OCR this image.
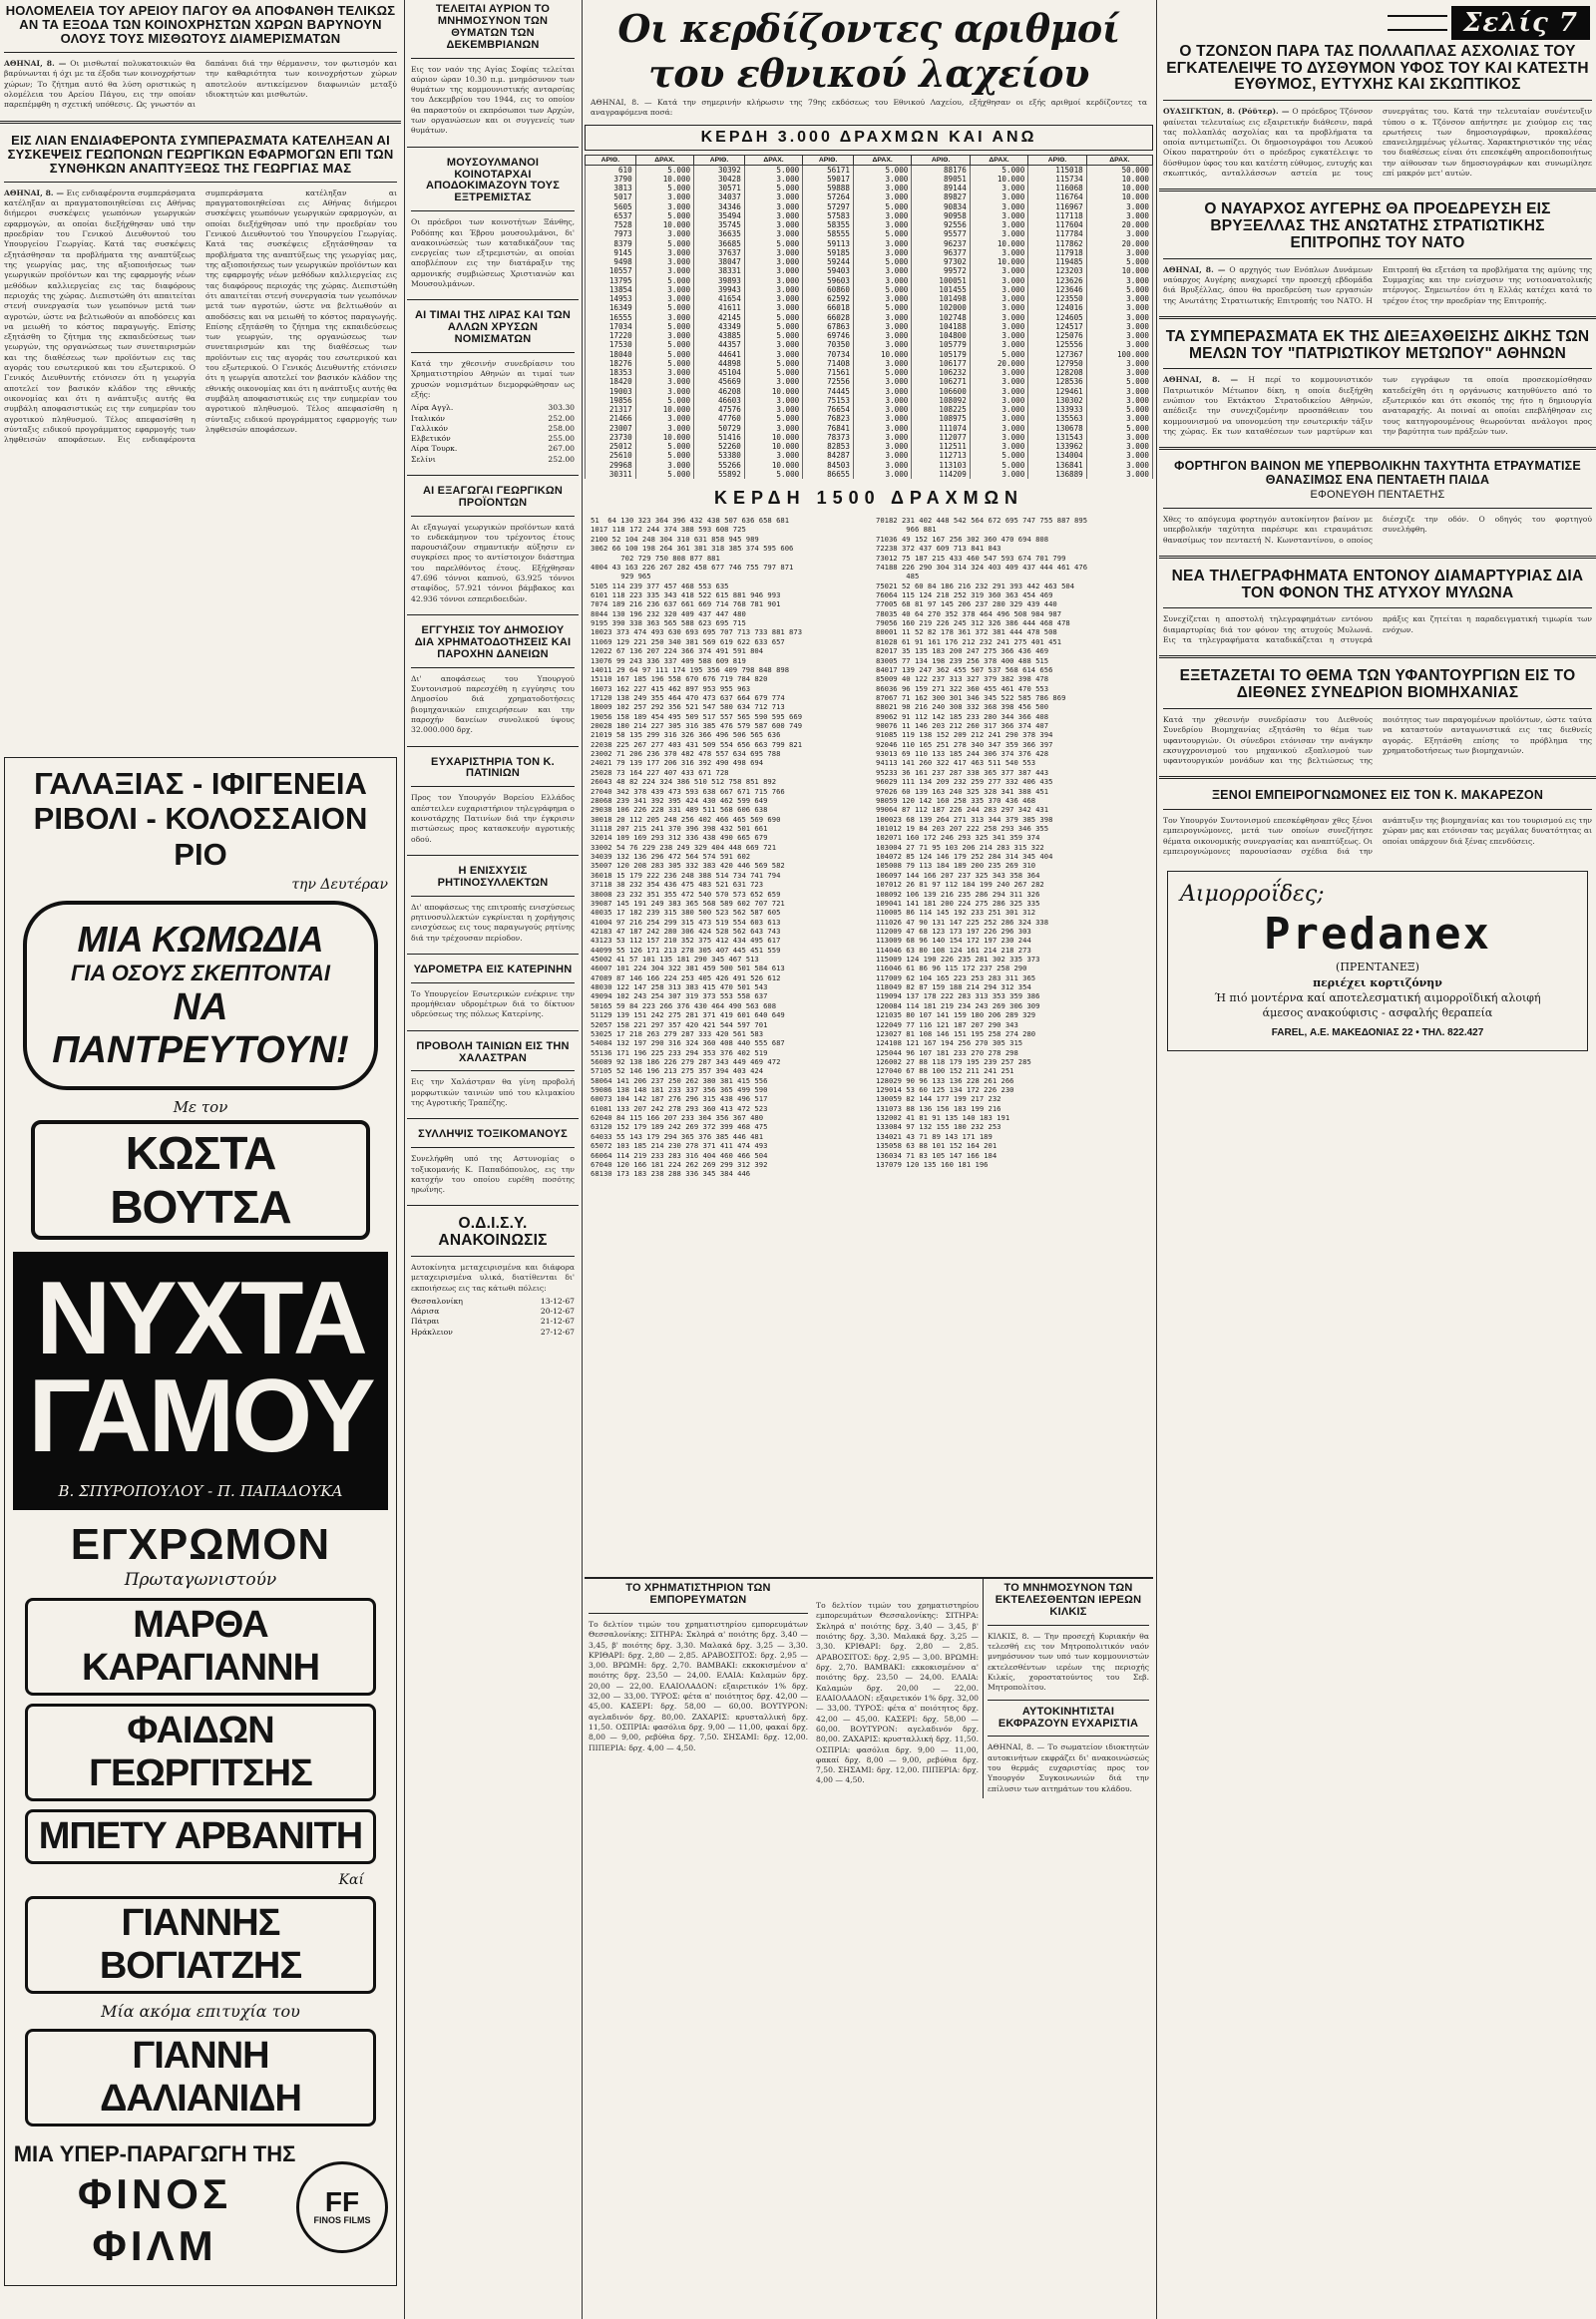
ΗΟΛΟΜΕΛΕΙΑ ΤΟΥ ΑΡΕΙΟΥ ΠΑΓΟΥ ΘΑ ΑΠΟΦΑΝΘΗ ΤΕΛΙΚΩΣ ΑΝ ΤΑ ΕΞΟΔΑ ΤΩΝ ΚΟΙΝΟΧΡΗΣΤΩΝ ΧΩΡΩΝ ΒΑΡΥΝΟΥΝ ΟΛΟΥΣ ΤΟΥΣ ΜΙΣΘΩΤΟΥΣ ΔΙΑΜΕΡΙΣΜΑΤΩΝ
ΑΘΗΝΑΙ, 8. — Οι μισθωταί πολυκατοικιών θα βαρύνωνται ή όχι με τα έξοδα των κοινοχρήστων χώρων; Το ζήτημα αυτό θα λύση οριστικώς η ολομέλεια του Αρείου Πάγου, εις την οποίαν παρεπέμφθη η σχετική υπόθεσις. Ως γνωστόν αι δαπάναι διά την θέρμανσιν, τον φωτισμόν και την καθαριότητα των κοινοχρήστων χώρων αποτελούν αντικείμενον διαφωνιών μεταξύ ιδιοκτητών και μισθωτών.
ΕΙΣ ΛΙΑΝ ΕΝΔΙΑΦΕΡΟΝΤΑ ΣΥΜΠΕΡΑΣΜΑΤΑ ΚΑΤΕΛΗΞΑΝ ΑΙ ΣΥΣΚΕΨΕΙΣ ΓΕΩΠΟΝΩΝ ΓΕΩΡΓΙΚΩΝ ΕΦΑΡΜΟΓΩΝ ΕΠΙ ΤΩΝ ΣΥΝΘΗΚΩΝ ΑΝΑΠΤΥΞΕΩΣ ΤΗΣ ΓΕΩΡΓΙΑΣ ΜΑΣ
ΑΘΗΝΑΙ, 8. — Εις ενδιαφέροντα συμπεράσματα κατέληξαν αι πραγματοποιηθείσαι εις Αθήνας διήμεροι συσκέψεις γεωπόνων γεωργικών εφαρμογών, αι οποίαι διεξήχθησαν υπό την προεδρίαν του Γενικού Διευθυντού του Υπουργείου Γεωργίας. Κατά τας συσκέψεις εξητάσθησαν τα προβλήματα της αναπτύξεως της γεωργίας μας, της αξιοποιήσεως των γεωργικών προϊόντων και της εφαρμογής νέων μεθόδων καλλιεργείας εις τας διαφόρους περιοχάς της χώρας. Διεπιστώθη ότι απαιτείται στενή συνεργασία των γεωπόνων μετά των αγροτών, ώστε να βελτιωθούν αι αποδόσεις και να μειωθή το κόστος παραγωγής. Επίσης εξητάσθη το ζήτημα της εκπαιδεύσεως των γεωργών, της οργανώσεως των συνεταιρισμών και της διαθέσεως των προϊόντων εις τας αγοράς του εσωτερικού και του εξωτερικού. Ο Γενικός Διευθυντής ετόνισεν ότι η γεωργία αποτελεί τον βασικόν κλάδον της εθνικής οικονομίας και ότι η ανάπτυξις αυτής θα συμβάλη αποφασιστικώς εις την ευημερίαν του αγροτικού πληθυσμού. Τέλος απεφασίσθη η σύνταξις ειδικού προγράμματος εφαρμογής των ληφθεισών αποφάσεων. Εις ενδιαφέροντα συμπεράσματα κατέληξαν αι πραγματοποιηθείσαι εις Αθήνας διήμεροι συσκέψεις γεωπόνων γεωργικών εφαρμογών, αι οποίαι διεξήχθησαν υπό την προεδρίαν του Γενικού Διευθυντού του Υπουργείου Γεωργίας. Κατά τας συσκέψεις εξητάσθησαν τα προβλήματα της αναπτύξεως της γεωργίας μας, της αξιοποιήσεως των γεωργικών προϊόντων και της εφαρμογής νέων μεθόδων καλλιεργείας εις τας διαφόρους περιοχάς της χώρας. Διεπιστώθη ότι απαιτείται στενή συνεργασία των γεωπόνων μετά των αγροτών, ώστε να βελτιωθούν αι αποδόσεις και να μειωθή το κόστος παραγωγής. Επίσης εξητάσθη το ζήτημα της εκπαιδεύσεως των γεωργών, της οργανώσεως των συνεταιρισμών και της διαθέσεως των προϊόντων εις τας αγοράς του εσωτερικού και του εξωτερικού. Ο Γενικός Διευθυντής ετόνισεν ότι η γεωργία αποτελεί τον βασικόν κλάδον της εθνικής οικονομίας και ότι η ανάπτυξις αυτής θα συμβάλη αποφασιστικώς εις την ευημερίαν του αγροτικού πληθυσμού. Τέλος απεφασίσθη η σύνταξις ειδικού προγράμματος εφαρμογής των ληφθεισών αποφάσεων.
ΓΑΛΑΞΙΑΣ - ΙΦΙΓΕΝΕΙΑ ΡΙΒΟΛΙ - ΚΟΛΟΣΣΑΙΟΝ ΡΙΟ
την Δευτέραν
ΜΙΑ ΚΩΜΩΔΙΑ
ΓΙΑ ΟΣΟΥΣ ΣΚΕΠΤΟΝΤΑΙ
ΝΑ ΠΑΝΤΡΕΥΤΟΥΝ!
Με τον
ΚΩΣΤΑ ΒΟΥΤΣΑ
ΝΥΧΤΑ ΓΑΜΟΥ
Β. ΣΠΥΡΟΠΟΥΛΟΥ - Π. ΠΑΠΑΔΟΥΚΑ
ΕΓΧΡΩΜΟΝ
Πρωταγωνιστούν
ΜΑΡΘΑ ΚΑΡΑΓΙΑΝΝΗ
ΦΑΙΔΩΝ ΓΕΩΡΓΙΤΣΗΣ
ΜΠΕΤΥ ΑΡΒΑΝΙΤΗ
Καί
ΓΙΑΝΝΗΣ ΒΟΓΙΑΤΖΗΣ
Μία ακόμα επιτυχία του
ΓΙΑΝΝΗ ΔΑΛΙΑΝΙΔΗ
ΜΙΑ ΥΠΕΡ-ΠΑΡΑΓΩΓΗ ΤΗΣ
ΦΙΝΟΣ ΦΙΛΜ
FF
FINOS FILMS
ΤΕΛΕΙΤΑΙ ΑΥΡΙΟΝ ΤΟ ΜΝΗΜΟΣΥΝΟΝ ΤΩΝ ΘΥΜΑΤΩΝ ΤΩΝ ΔΕΚΕΜΒΡΙΑΝΩΝ
Εις τον ναόν της Αγίας Σοφίας τελείται αύριον ώραν 10.30 π.μ. μνημόσυνον των θυμάτων της κομμουνιστικής ανταρσίας του Δεκεμβρίου του 1944, εις το οποίον θα παραστούν οι εκπρόσωποι των Αρχών, των οργανώσεων και οι συγγενείς των θυμάτων.
ΜΟΥΣΟΥΛΜΑΝΟΙ ΚΟΙΝΟΤΑΡΧΑΙ ΑΠΟΔΟΚΙΜΑΖΟΥΝ ΤΟΥΣ ΕΞΤΡΕΜΙΣΤΑΣ
Οι πρόεδροι των κοινοτήτων Ξάνθης, Ροδόπης και Έβρου μουσουλμάνοι, δι' ανακοινώσεώς των καταδικάζουν τας ενεργείας των εξτρεμιστών, αι οποίαι αποβλέπουν εις την διατάραξιν της αρμονικής συμβιώσεως Χριστιανών και Μουσουλμάνων.
ΑΙ ΤΙΜΑΙ ΤΗΣ ΛΙΡΑΣ ΚΑΙ ΤΩΝ ΑΛΛΩΝ ΧΡΥΣΩΝ ΝΟΜΙΣΜΑΤΩΝ
Κατά την χθεσινήν συνεδρίασιν του Χρηματιστηρίου Αθηνών αι τιμαί των χρυσών νομισμάτων διεμορφώθησαν ως εξής:
Λίρα Αγγλ.	303.30
Ιταλικόν	252.00
Γαλλικόν	258.00
Ελβετικόν	255.00
Λίρα Τουρκ.	267.00
Σελίνι	252.00
ΑΙ ΕΞΑΓΩΓΑΙ ΓΕΩΡΓΙΚΩΝ ΠΡΟΪΟΝΤΩΝ
Αι εξαγωγαί γεωργικών προϊόντων κατά το ενδεκάμηνον του τρέχοντος έτους παρουσιάζουν σημαντικήν αύξησιν εν συγκρίσει προς το αντίστοιχον διάστημα του παρελθόντος έτους. Εξήχθησαν 47.696 τόννοι καπνού, 63.925 τόννοι σταφίδος, 57.921 τόννοι βάμβακος και 42.936 τόννοι εσπεριδοειδών.
ΕΓΓΥΗΣΙΣ ΤΟΥ ΔΗΜΟΣΙΟΥ ΔΙΑ ΧΡΗΜΑΤΟΔΟΤΗΣΕΙΣ ΚΑΙ ΠΑΡΟΧΗΝ ΔΑΝΕΙΩΝ
Δι' αποφάσεως του Υπουργού Συντονισμού παρεσχέθη η εγγύησις του Δημοσίου διά χρηματοδοτήσεις βιομηχανικών επιχειρήσεων και την παροχήν δανείων συνολικού ύψους 32.000.000 δρχ.
ΕΥΧΑΡΙΣΤΗΡΙΑ ΤΟΝ Κ. ΠΑΤΙΝΙΩΝ
Προς τον Υπουργόν Βορείου Ελλάδος απέστειλεν ευχαριστήριον τηλεγράφημα ο κοινοτάρχης Πατινίων διά την έγκρισιν πιστώσεως προς κατασκευήν αγροτικής οδού.
Η ΕΝΙΣΧΥΣΙΣ ΡΗΤΙΝΟΣΥΛΛΕΚΤΩΝ
Δι' αποφάσεως της επιτροπής ενισχύσεως ρητινοσυλλεκτών εγκρίνεται η χορήγησις ενισχύσεως εις τους παραγωγούς ρητίνης διά την τρέχουσαν περίοδον.
ΥΔΡΟΜΕΤΡΑ ΕΙΣ ΚΑΤΕΡΙΝΗΝ
Το Υπουργείον Εσωτερικών ενέκρινε την προμήθειαν υδρομέτρων διά το δίκτυον υδρεύσεως της πόλεως Κατερίνης.
ΠΡΟΒΟΛΗ ΤΑΙΝΙΩΝ ΕΙΣ ΤΗΝ ΧΑΛΑΣΤΡΑΝ
Εις την Χαλάστραν θα γίνη προβολή μορφωτικών ταινιών υπό του κλιμακίου της Αγροτικής Τραπέζης.
ΣΥΛΛΗΨΙΣ ΤΟΞΙΚΟΜΑΝΟΥΣ
Συνελήφθη υπό της Αστυνομίας ο τοξικομανής Κ. Παπαδόπουλος, εις την κατοχήν του οποίου ευρέθη ποσότης ηρωΐνης.
Ο.Δ.Ι.Σ.Υ. ΑΝΑΚΟΙΝΩΣΙΣ
Αυτοκίνητα μεταχειρισμένα και διάφορα μεταχειρισμένα υλικά, διατίθενται δι' εκποιήσεως εις τας κάτωθι πόλεις:
Θεσσαλονίκη	13-12-67
Λάρισα	20-12-67
Πάτραι	21-12-67
Ηράκλειον	27-12-67
Οι κερδίζοντες αριθμοί του εθνικού λαχείου
ΑΘΗΝΑΙ, 8. — Κατά την σημερινήν κλήρωσιν της 79ης εκδόσεως του Εθνικού Λαχείου, εξήχθησαν οι εξής αριθμοί κερδίζοντες τα αναγραφόμενα ποσά:
ΚΕΡΔΗ 3.000 ΔΡΑΧΜΩΝ ΚΑΙ ΑΝΩ
ΑΡΙΘ.	ΔΡΑΧ.	ΑΡΙΘ.	ΔΡΑΧ.	ΑΡΙΘ.	ΔΡΑΧ.	ΑΡΙΘ.	ΔΡΑΧ.	ΑΡΙΘ.	ΔΡΑΧ.
610	5.000	30392	5.000	56171	5.000	88176	5.000	115018	50.000
3790	10.000	30428	3.000	59017	3.000	89051	10.000	115734	10.000
3813	5.000	30571	5.000	59888	3.000	89144	3.000	116068	10.000
5017	3.000	34037	3.000	57264	3.000	89827	3.000	116764	10.000
5605	3.000	34346	3.000	57297	5.000	90834	3.000	116967	3.000
6537	5.000	35494	3.000	57583	3.000	90958	3.000	117118	3.000
7528	10.000	35745	3.000	58355	3.000	92556	3.000	117604	20.000
7973	3.000	36635	3.000	58555	5.000	95577	3.000	117784	3.000
8379	5.000	36685	5.000	59113	3.000	96237	10.000	117862	20.000
9145	3.000	37637	3.000	59185	3.000	96377	3.000	117918	3.000
9498	3.000	38047	3.000	59244	5.000	97302	10.000	119485	5.000
10557	3.000	38331	3.000	59403	3.000	99572	3.000	123203	10.000
13795	5.000	39893	3.000	59603	3.000	100051	3.000	123626	3.000
13854	3.000	39943	3.000	60860	5.000	101455	3.000	123646	5.000
14953	3.000	41654	3.000	62592	3.000	101498	3.000	123550	3.000
16349	5.000	41611	3.000	66018	5.000	102000	3.000	124016	3.000
16555	3.000	42145	5.000	66028	3.000	102748	3.000	124605	3.000
17034	5.000	43349	5.000	67863	3.000	104188	3.000	124517	3.000
17220	3.000	43885	5.000	69746	3.000	104800	3.000	125076	3.000
17530	5.000	44357	3.000	70350	3.000	105779	3.000	125556	3.000
18040	5.000	44641	3.000	70734	10.000	105179	5.000	127367	100.000
18276	5.000	44898	5.000	71408	3.000	106177	20.000	127950	3.000
18353	3.000	45104	5.000	71561	5.000	106232	3.000	128208	3.000
18420	3.000	45669	3.000	72556	3.000	106271	3.000	128536	5.000
19003	3.000	46208	10.000	74445	3.000	106600	3.000	129461	3.000
19856	5.000	46603	3.000	75153	3.000	108092	3.000	130302	3.000
21317	10.000	47576	3.000	76654	3.000	108225	3.000	133933	5.000
21466	3.000	47760	5.000	76823	3.000	108975	3.000	135563	3.000
23007	3.000	50729	3.000	76841	3.000	111074	3.000	130678	5.000
23730	10.000	51416	10.000	78373	3.000	112077	3.000	131543	3.000
25012	5.000	52260	10.000	82853	3.000	112511	3.000	133962	3.000
25610	5.000	53380	3.000	84287	3.000	112713	5.000	134004	3.000
29968	3.000	55266	10.000	84503	3.000	113103	5.000	136841	3.000
30311	5.000	55892	5.000	86655	3.000	114209	3.000	136889	3.000
ΚΕΡΔΗ 1500 ΔΡΑΧΜΩΝ
51  64 130 323 364 396 432 438 507 636 658 681
1017 118 172 244 374 388 593 608 725
2100 52 104 248 304 310 631 858 945 989
3062 66 100 198 264 361 381 318 385 374 595 606
702 729 750 808 877 881
4004 43 163 226 267 282 458 677 746 755 797 871
929 965
5105 114 239 377 457 468 553 635
6101 118 223 335 343 418 522 615 881 946 993
7074 189 216 236 637 661 669 714 768 781 901
8044 130 196 232 320 409 437 447 480
9195 390 338 363 565 588 623 695 715
10023 373 474 493 630 693 695 707 713 733 881 873
11069 129 221 250 340 381 569 619 622 633 657
12022 67 136 207 224 366 374 491 591 804
13076 99 243 336 337 409 588 609 819
14011 29 64 97 111 174 195 356 409 798 848 898
15110 167 185 196 558 670 676 719 784 820
16073 162 227 415 462 897 953 955 963
17120 138 249 355 464 470 473 637 664 679 774
18009 102 257 292 356 521 547 580 634 712 713
19056 158 189 454 495 509 517 557 565 590 595 669
20028 180 214 227 305 316 385 476 579 587 600 749
21019 58 135 299 316 326 366 496 506 565 636
22038 225 267 277 403 431 509 554 656 663 799 821
23002 71 206 236 370 482 478 557 634 695 788
24021 79 139 177 206 316 392 490 498 694
25028 73 164 227 407 433 671 728
26043 48 82 224 324 386 510 512 758 851 892
27040 342 378 439 473 593 638 667 671 715 766
28068 239 341 392 395 424 430 462 599 649
29038 106 226 228 331 489 511 568 606 638
30018 20 112 205 248 256 402 466 465 569 690
31118 207 215 241 370 396 398 432 501 661
32014 109 169 293 312 336 438 490 665 679
33002 54 76 229 238 249 329 404 448 669 721
34039 132 136 296 472 564 574 591 602
35007 120 208 283 305 332 383 420 446 569 582
36018 15 179 222 236 248 388 514 734 741 794
37118 38 232 354 436 475 483 521 631 723
38008 23 232 351 355 472 540 570 573 652 659
39087 145 191 249 383 365 568 589 602 707 721
40035 17 182 239 315 380 500 523 562 587 605
41004 97 216 254 299 315 473 519 554 603 613
42183 47 187 242 280 306 424 528 562 643 743
43123 53 112 157 210 352 375 412 434 495 617
44099 55 126 171 213 278 305 407 445 451 559
45002 41 57 101 135 181 290 345 467 513
46007 101 224 304 322 381 459 500 501 584 613
47089 87 146 166 224 253 405 426 491 526 612
48030 122 147 258 313 383 415 470 501 543
49094 102 243 254 307 319 373 553 558 637
50165 59 84 223 266 376 430 464 490 563 608
51129 139 151 242 275 281 371 419 601 640 649
52057 158 221 297 357 420 421 544 597 701
53025 17 218 263 279 287 333 420 561 583
54084 132 197 290 316 324 360 408 440 555 687
55136 171 196 225 233 294 353 376 402 519
56089 92 138 186 226 279 287 343 449 469 472
57105 52 146 196 213 275 357 394 403 424
58064 141 206 237 250 262 380 381 415 556
59086 138 148 181 233 337 356 365 499 590
60073 104 142 187 276 296 315 438 496 517
61081 133 207 242 278 293 360 413 472 523
62040 84 115 166 207 233 304 356 367 480
63120 152 179 189 242 269 372 399 468 475
64033 55 143 179 294 365 376 385 446 481
65072 103 185 214 230 278 371 411 474 493
66064 114 219 233 283 316 404 460 466 504
67040 120 166 181 224 262 269 299 312 392
68130 173 183 238 288 336 345 384 446
70182 231 402 448 542 564 672 695 747 755 887 895
966 881
71036 49 152 167 256 302 360 470 694 808
72238 372 437 609 713 841 843
73012 75 187 215 433 460 547 593 674 701 799
74188 226 290 304 314 324 403 409 437 444 461 476
485
75021 52 60 84 186 216 232 291 393 442 463 504
76064 115 124 218 252 319 360 363 454 469
77005 68 81 97 145 206 237 280 329 439 440
78035 40 64 270 352 378 464 496 508 984 987
79056 160 219 226 245 312 326 386 444 468 478
80001 11 52 82 178 361 372 381 444 478 508
81028 61 91 161 176 212 232 241 275 401 451
82017 35 135 183 200 247 275 366 436 469
83005 77 134 198 239 256 378 400 488 515
84017 139 247 362 455 507 537 568 614 656
85009 40 122 237 313 327 379 382 398 478
86036 96 159 271 322 360 455 461 470 553
87067 71 162 300 301 346 345 522 585 786 869
88021 98 216 240 308 332 368 398 456 500
89062 91 112 142 185 233 280 344 366 408
90076 11 146 203 212 260 317 366 374 407
91085 119 138 152 209 212 241 290 378 394
92046 110 165 251 278 340 347 359 366 397
93013 69 110 133 185 244 306 374 376 428
94113 141 260 322 417 463 511 540 553
95233 36 161 237 287 338 365 377 387 443
96029 111 134 209 232 259 277 332 406 435
97026 60 139 163 240 325 328 341 388 451
98059 120 142 160 258 335 370 436 468
99064 87 112 187 226 244 283 297 342 431
100023 68 139 264 271 313 344 379 385 398
101012 19 84 203 207 222 258 293 346 355
102071 160 172 246 293 325 341 359 374
103004 27 71 95 103 206 214 283 315 322
104072 85 124 146 179 252 284 314 345 404
105008 79 113 184 189 200 235 269 310
106097 144 166 207 237 325 343 358 364
107012 26 81 97 112 184 199 240 267 282
108092 106 139 216 235 286 294 311 326
109041 141 181 200 224 275 286 325 335
110005 86 114 145 192 233 251 301 312
111026 47 90 131 147 225 252 286 324 338
112009 47 68 123 173 197 226 296 303
113009 68 96 140 154 172 197 230 244
114046 63 80 108 124 161 214 218 273
115009 124 190 226 235 281 302 335 373
116046 61 86 96 115 172 237 258 290
117009 62 104 165 223 253 283 311 365
118049 82 87 159 188 214 294 312 354
119094 137 178 222 283 313 353 359 386
120084 114 181 219 234 243 269 306 309
121035 80 107 141 159 180 206 289 329
122049 77 116 121 187 207 290 343
123027 81 108 146 151 195 258 274 280
124108 121 167 194 256 270 305 315
125044 96 107 181 233 270 278 298
126002 27 88 118 179 195 239 257 285
127040 67 88 100 152 211 241 251
128029 90 96 133 136 228 261 266
129014 53 60 125 134 172 226 230
130059 82 144 177 199 217 232
131073 88 136 156 183 199 216
132002 41 81 91 135 140 183 191
133084 97 132 155 180 232 253
134021 43 71 89 143 171 189
135058 63 88 101 152 164 201
136034 71 83 105 147 166 184
137079 120 135 160 181 196
ΤΟ ΧΡΗΜΑΤΙΣΤΗΡΙΟΝ ΤΩΝ ΕΜΠΟΡΕΥΜΑΤΩΝ
Το δελτίον τιμών του χρηματιστηρίου εμπορευμάτων Θεσσαλονίκης: ΣΙΤΗΡΑ: Σκληρά α' ποιότης δρχ. 3,40 — 3,45, β' ποιότης δρχ. 3,30. Μαλακά δρχ. 3,25 — 3,30. ΚΡΙΘΑΡΙ: δρχ. 2,80 — 2,85. ΑΡΑΒΟΣΙΤΟΣ: δρχ. 2,95 — 3,00. ΒΡΩΜΗ: δρχ. 2,70. ΒΑΜΒΑΚΙ: εκκοκισμένον α' ποιότης δρχ. 23,50 — 24,00. ΕΛΑΙΑ: Καλαμών δρχ. 20,00 — 22,00. ΕΛΑΙΟΛΑΔΟΝ: εξαιρετικόν 1% δρχ. 32,00 — 33,00. ΤΥΡΟΣ: φέτα α' ποιότητος δρχ. 42,00 — 45,00. ΚΑΣΕΡΙ: δρχ. 58,00 — 60,00. ΒΟΥΤΥΡΟΝ: αγελαδινόν δρχ. 80,00. ΖΑΧΑΡΙΣ: κρυσταλλική δρχ. 11,50. ΟΣΠΡΙΑ: φασόλια δρχ. 9,00 — 11,00, φακαί δρχ. 8,00 — 9,00, ρεβύθια δρχ. 7,50. ΣΗΣΑΜΙ: δρχ. 12,00. ΠΙΠΕΡΙΑ: δρχ. 4,00 — 4,50.
Το δελτίον τιμών του χρηματιστηρίου εμπορευμάτων Θεσσαλονίκης: ΣΙΤΗΡΑ: Σκληρά α' ποιότης δρχ. 3,40 — 3,45, β' ποιότης δρχ. 3,30. Μαλακά δρχ. 3,25 — 3,30. ΚΡΙΘΑΡΙ: δρχ. 2,80 — 2,85. ΑΡΑΒΟΣΙΤΟΣ: δρχ. 2,95 — 3,00. ΒΡΩΜΗ: δρχ. 2,70. ΒΑΜΒΑΚΙ: εκκοκισμένον α' ποιότης δρχ. 23,50 — 24,00. ΕΛΑΙΑ: Καλαμών δρχ. 20,00 — 22,00. ΕΛΑΙΟΛΑΔΟΝ: εξαιρετικόν 1% δρχ. 32,00 — 33,00. ΤΥΡΟΣ: φέτα α' ποιότητος δρχ. 42,00 — 45,00. ΚΑΣΕΡΙ: δρχ. 58,00 — 60,00. ΒΟΥΤΥΡΟΝ: αγελαδινόν δρχ. 80,00. ΖΑΧΑΡΙΣ: κρυσταλλική δρχ. 11,50. ΟΣΠΡΙΑ: φασόλια δρχ. 9,00 — 11,00, φακαί δρχ. 8,00 — 9,00, ρεβύθια δρχ. 7,50. ΣΗΣΑΜΙ: δρχ. 12,00. ΠΙΠΕΡΙΑ: δρχ. 4,00 — 4,50.
ΤΟ ΜΝΗΜΟΣΥΝΟΝ ΤΩΝ ΕΚΤΕΛΕΣΘΕΝΤΩΝ ΙΕΡΕΩΝ ΚΙΛΚΙΣ
ΚΙΛΚΙΣ, 8. — Την προσεχή Κυριακήν θα τελεσθή εις τον Μητροπολιτικόν ναόν μνημόσυνον των υπό των κομμουνιστών εκτελεσθέντων ιερέων της περιοχής Κιλκίς, χοροστατούντος του Σεβ. Μητροπολίτου.
ΑΥΤΟΚΙΝΗΤΙΣΤΑΙ ΕΚΦΡΑΖΟΥΝ ΕΥΧΑΡΙΣΤΙΑ
ΑΘΗΝΑΙ, 8. — Το σωματείον ιδιοκτητών αυτοκινήτων εκφράζει δι' ανακοινώσεώς του θερμάς ευχαριστίας προς τον Υπουργόν Συγκοινωνιών διά την επίλυσιν των αιτημάτων του κλάδου.
Σελίς 7
Ο ΤΖΟΝΣΟΝ ΠΑΡΑ ΤΑΣ ΠΟΛΛΑΠΛΑΣ ΑΣΧΟΛΙΑΣ ΤΟΥ ΕΓΚΑΤΕΛΕΙΨΕ ΤΟ ΔΥΣΘΥΜΟΝ ΥΦΟΣ ΤΟΥ ΚΑΙ ΚΑΤΕΣΤΗ ΕΥΘΥΜΟΣ, ΕΥΤΥΧΗΣ ΚΑΙ ΣΚΩΠΤΙΚΟΣ
ΟΥΑΣΙΓΚΤΩΝ, 8. (Ρόϋτερ). — Ο πρόεδρος Τζόνσον φαίνεται τελευταίως εις εξαιρετικήν διάθεσιν, παρά τας πολλαπλάς ασχολίας και τα προβλήματα τα οποία αντιμετωπίζει. Οι δημοσιογράφοι του Λευκού Οίκου παρατηρούν ότι ο πρόεδρος εγκατέλειψε το δύσθυμον ύφος του και κατέστη εύθυμος, ευτυχής και σκωπτικός, ανταλλάσσων αστεία με τους συνεργάτας του. Κατά την τελευταίαν συνέντευξιν τύπου ο κ. Τζόνσον απήντησε με χιούμορ εις τας ερωτήσεις των δημοσιογράφων, προκαλέσας επανειλημμένως γέλωτας. Χαρακτηριστικόν της νέας του διαθέσεως είναι ότι επεσκέφθη απροειδοποιήτως την αίθουσαν των δημοσιογράφων και συνωμίλησε επί μακρόν μετ' αυτών.
Ο ΝΑΥΑΡΧΟΣ ΑΥΓΕΡΗΣ ΘΑ ΠΡΟΕΔΡΕΥΣΗ ΕΙΣ ΒΡΥΞΕΛΛΑΣ ΤΗΣ ΑΝΩΤΑΤΗΣ ΣΤΡΑΤΙΩΤΙΚΗΣ ΕΠΙΤΡΟΠΗΣ ΤΟΥ ΝΑΤΟ
ΑΘΗΝΑΙ, 8. — Ο αρχηγός των Ενόπλων Δυνάμεων ναύαρχος Αυγέρης αναχωρεί την προσεχή εβδομάδα διά Βρυξέλλας, όπου θα προεδρεύση των εργασιών της Ανωτάτης Στρατιωτικής Επιτροπής του ΝΑΤΟ. Η Επιτροπή θα εξετάση τα προβλήματα της αμύνης της Συμμαχίας και την ενίσχυσιν της νοτιοανατολικής πτέρυγος. Σημειωτέον ότι η Ελλάς κατέχει κατά το τρέχον έτος την προεδρίαν της Επιτροπής.
ΤΑ ΣΥΜΠΕΡΑΣΜΑΤΑ ΕΚ ΤΗΣ ΔΙΕΞΑΧΘΕΙΣΗΣ ΔΙΚΗΣ ΤΩΝ ΜΕΛΩΝ ΤΟΥ "ΠΑΤΡΙΩΤΙΚΟΥ ΜΕΤΩΠΟΥ" ΑΘΗΝΩΝ
ΑΘΗΝΑΙ, 8. — Η περί το κομμουνιστικόν Πατριωτικόν Μέτωπον δίκη, η οποία διεξήχθη ενώπιον του Εκτάκτου Στρατοδικείου Αθηνών, απέδειξε την συνεχιζομένην προσπάθειαν του κομμουνισμού να υπονομεύση την εσωτερικήν τάξιν της χώρας. Εκ των καταθέσεων των μαρτύρων και των εγγράφων τα οποία προσεκομίσθησαν κατεδείχθη ότι η οργάνωσις κατηυθύνετο από το εξωτερικόν και ότι σκοπός της ήτο η δημιουργία αναταραχής. Αι ποιναί αι οποίαι επεβλήθησαν εις τους κατηγορουμένους θεωρούνται ανάλογοι προς την βαρύτητα των πράξεών των.
ΦΟΡΤΗΓΟΝ ΒΑΙΝΟΝ ΜΕ ΥΠΕΡΒΟΛΙΚΗΝ ΤΑΧΥΤΗΤΑ ΕΤΡΑΥΜΑΤΙΣΕ ΘΑΝΑΣΙΜΩΣ ΕΝΑ ΠΕΝΤΑΕΤΗ ΠΑΙΔΑ
ΕΦΟΝΕΥΘΗ ΠΕΝΤΑΕΤΗΣ
Χθες το απόγευμα φορτηγόν αυτοκίνητον βαίνον με υπερβολικήν ταχύτητα παρέσυρε και ετραυμάτισε θανασίμως τον πενταετή Ν. Κωνσταντίνου, ο οποίος διέσχιζε την οδόν. Ο οδηγός του φορτηγού συνελήφθη.
ΝΕΑ ΤΗΛΕΓΡΑΦΗΜΑΤΑ ΕΝΤΟΝΟΥ ΔΙΑΜΑΡΤΥΡΙΑΣ ΔΙΑ ΤΟΝ ΦΟΝΟΝ ΤΗΣ ΑΤΥΧΟΥ ΜΥΛΩΝΑ
Συνεχίζεται η αποστολή τηλεγραφημάτων εντόνου διαμαρτυρίας διά τον φόνον της ατυχούς Μυλωνά. Εις τα τηλεγραφήματα καταδικάζεται η στυγερά πράξις και ζητείται η παραδειγματική τιμωρία των ενόχων.
ΕΞΕΤΑΖΕΤΑΙ ΤΟ ΘΕΜΑ ΤΩΝ ΥΦΑΝΤΟΥΡΓΙΩΝ ΕΙΣ ΤΟ ΔΙΕΘΝΕΣ ΣΥΝΕΔΡΙΟΝ ΒΙΟΜΗΧΑΝΙΑΣ
Κατά την χθεσινήν συνεδρίασιν του Διεθνούς Συνεδρίου Βιομηχανίας εξητάσθη το θέμα των υφαντουργιών. Οι σύνεδροι ετόνισαν την ανάγκην εκσυγχρονισμού του μηχανικού εξοπλισμού των υφαντουργικών μονάδων και της βελτιώσεως της ποιότητος των παραγομένων προϊόντων, ώστε ταύτα να καταστούν ανταγωνιστικά εις τας διεθνείς αγοράς. Εξητάσθη επίσης το πρόβλημα της χρηματοδοτήσεως των βιομηχανιών.
ΞΕΝΟΙ ΕΜΠΕΙΡΟΓΝΩΜΟΝΕΣ ΕΙΣ ΤΟΝ Κ. ΜΑΚΑΡΕΖΟΝ
Τον Υπουργόν Συντονισμού επεσκέφθησαν χθες ξένοι εμπειρογνώμονες, μετά των οποίων συνεζήτησε θέματα οικονομικής συνεργασίας και αναπτύξεως. Οι εμπειρογνώμονες παρουσίασαν σχέδια διά την ανάπτυξιν της βιομηχανίας και του τουρισμού εις την χώραν μας και ετόνισαν τας μεγάλας δυνατότητας αι οποίαι υπάρχουν διά ξένας επενδύσεις.
Αιμορροΐδες;
Predanex
(ΠΡΕΝΤΑΝΕΞ)
περιέχει κορτιζόνην
Ή πιό μοντέρνα καί αποτελεσματική αιμορροϊδική αλοιφή
άμεσος ανακούφισις - ασφαλής θεραπεία
FAREL, Α.Ε. ΜΑΚΕΔΟΝΙΑΣ 22 • ΤΗΛ. 822.427
